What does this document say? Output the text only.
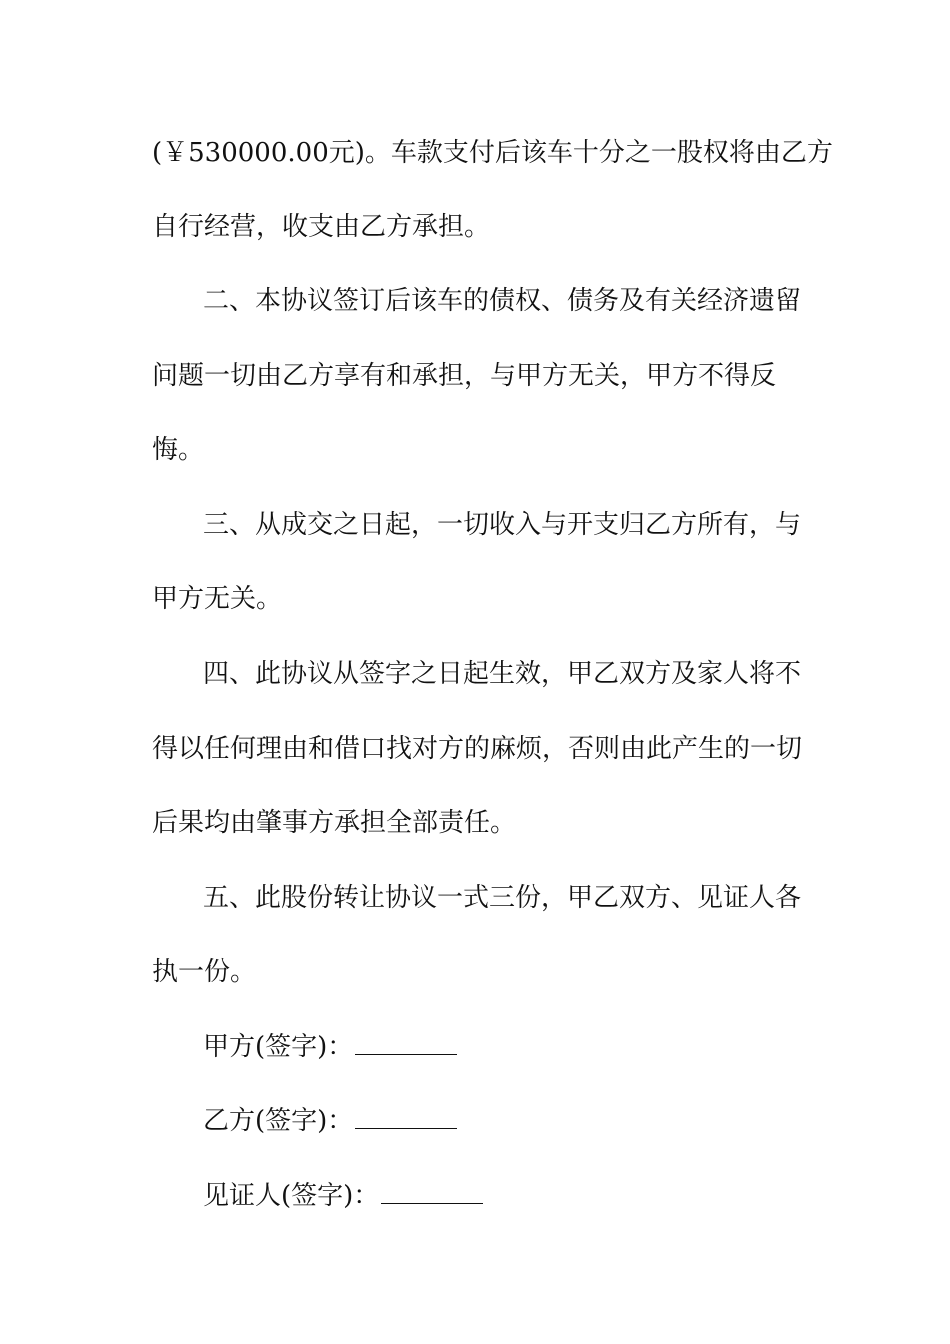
(￥530000.00元)。车款支付后该车十分之一股权将由乙方
自行经营，收支由乙方承担。
二、本协议签订后该车的债权、债务及有关经济遗留
问题一切由乙方享有和承担，与甲方无关，甲方不得反
悔。
三、从成交之日起，一切收入与开支归乙方所有，与
甲方无关。
四、此协议从签字之日起生效，甲乙双方及家人将不
得以任何理由和借口找对方的麻烦，否则由此产生的一切
后果均由肇事方承担全部责任。
五、此股份转让协议一式三份，甲乙双方、见证人各
执一份。
甲方(签字)：
乙方(签字)：
见证人(签字)：
